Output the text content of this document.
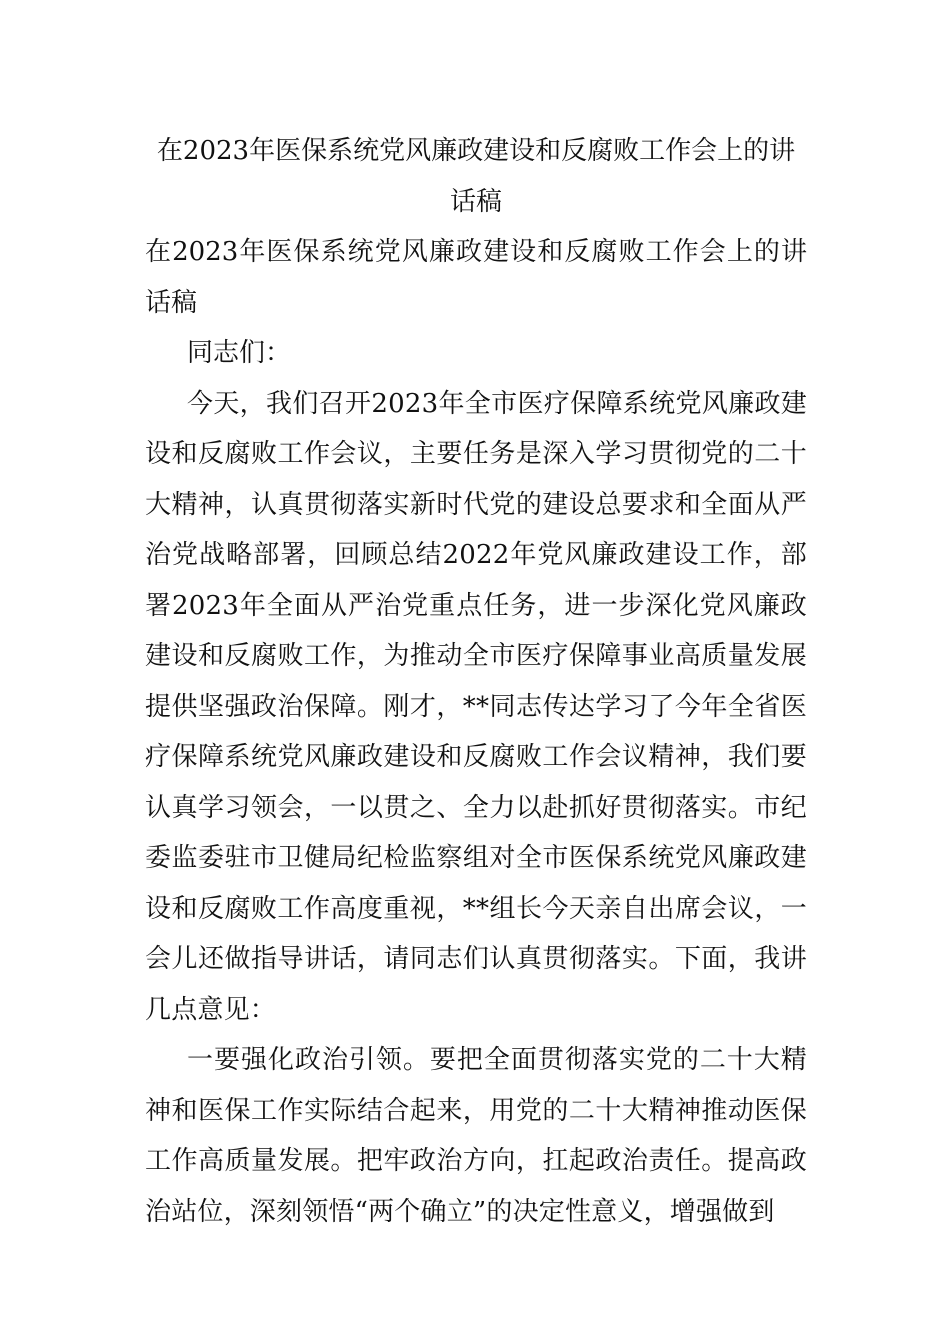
在2023年医保系统党风廉政建设和反腐败工作会上的讲话稿
在2023年医保系统党风廉政建设和反腐败工作会上的讲话稿

同志们：

今天，我们召开2023年全市医疗保障系统党风廉政建设和反腐败工作会议，主要任务是深入学习贯彻党的二十大精神，认真贯彻落实新时代党的建设总要求和全面从严治党战略部署，回顾总结2022年党风廉政建设工作，部署2023年全面从严治党重点任务，进一步深化党风廉政建设和反腐败工作，为推动全市医疗保障事业高质量发展提供坚强政治保障。刚才，**同志传达学习了今年全省医疗保障系统党风廉政建设和反腐败工作会议精神，我们要认真学习领会，一以贯之、全力以赴抓好贯彻落实。市纪委监委驻市卫健局纪检监察组对全市医保系统党风廉政建设和反腐败工作高度重视，**组长今天亲自出席会议，一会儿还做指导讲话，请同志们认真贯彻落实。下面，我讲几点意见：

一要强化政治引领。要把全面贯彻落实党的二十大精神和医保工作实际结合起来，用党的二十大精神推动医保工作高质量发展。把牢政治方向，扛起政治责任。提高政治站位，深刻领悟“两个确立”的决定性意义，增强做到
